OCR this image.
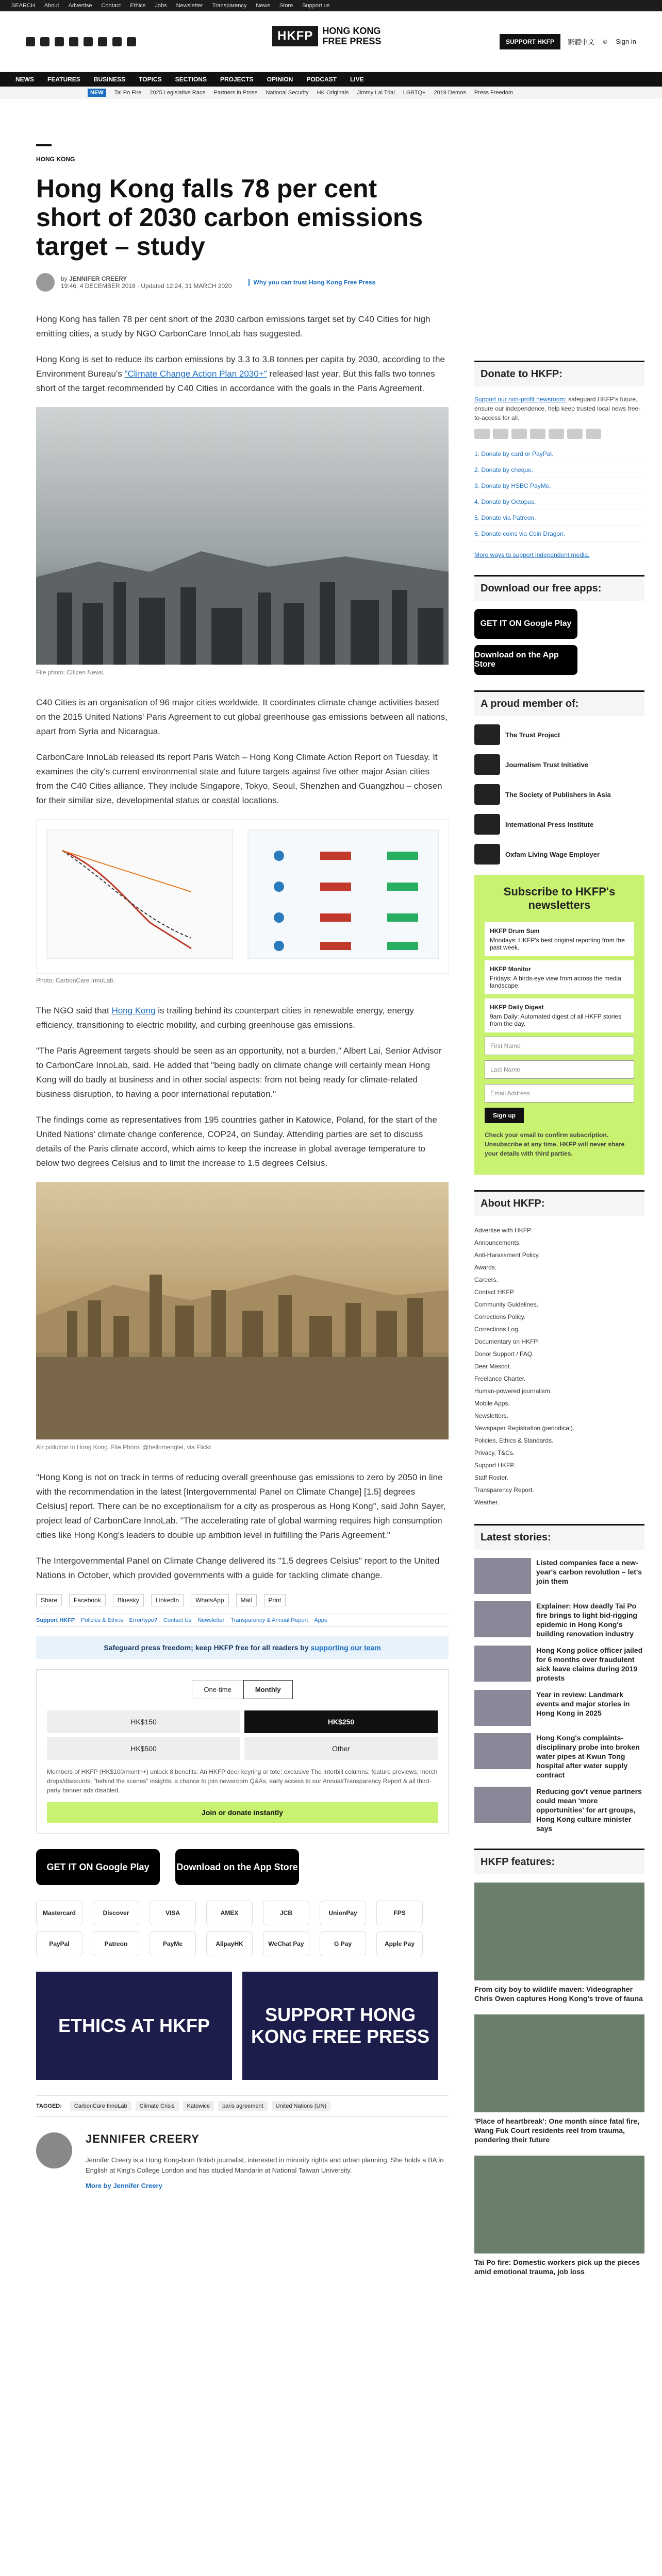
SEARCH About Advertise Contact Ethics Jobs Newsletter Transparency News Store Support us
HKFP	HONG KONG
FREE PRESS	SUPPORT HKFP	繁體中文 ☺ Sign in
NEWS FEATURES BUSINESS TOPICS SECTIONS PROJECTS OPINION PODCAST LIVE
NEW	Tai Po Fire 2025 Legislative Race Partners in Prose National Security HK Originals Jimmy Lai Trial LGBTQ+ 2019 Demos Press Freedom
HONG KONG
Hong Kong falls 78 per cent short of 2030 carbon emissions target – study
by JENNIFER CREERY
19:46, 4 DECEMBER 2018 · Updated 12:24, 31 MARCH 2020	Why you can trust Hong Kong Free Press

Hong Kong has fallen 78 per cent short of the 2030 carbon emissions target set by C40 Cities for high emitting cities, a study by NGO CarbonCare InnoLab has suggested.

Hong Kong is set to reduce its carbon emissions by 3.3 to 3.8 tonnes per capita by 2030, according to the Environment Bureau's "Climate Change Action Plan 2030+" released last year. But this falls two tonnes short of the target recommended by C40 Cities in accordance with the goals in the Paris Agreement.

File photo: Citizen News.

C40 Cities is an organisation of 96 major cities worldwide. It coordinates climate change activities based on the 2015 United Nations' Paris Agreement to cut global greenhouse gas emissions between all nations, apart from Syria and Nicaragua.

CarbonCare InnoLab released its report Paris Watch – Hong Kong Climate Action Report on Tuesday. It examines the city's current environmental state and future targets against five other major Asian cities from the C40 Cities alliance. They include Singapore, Tokyo, Seoul, Shenzhen and Guangzhou – chosen for their similar size, developmental status or coastal locations.

Photo: CarbonCare InnoLab.

The NGO said that Hong Kong is trailing behind its counterpart cities in renewable energy, energy efficiency, transitioning to electric mobility, and curbing greenhouse gas emissions.

"The Paris Agreement targets should be seen as an opportunity, not a burden," Albert Lai, Senior Advisor to CarbonCare InnoLab, said. He added that "being badly on climate change will certainly mean Hong Kong will do badly at business and in other social aspects: from not being ready for climate-related business disruption, to having a poor international reputation."

The findings come as representatives from 195 countries gather in Katowice, Poland, for the start of the United Nations' climate change conference, COP24, on Sunday. Attending parties are set to discuss details of the Paris climate accord, which aims to keep the increase in global average temperature to below two degrees Celsius and to limit the increase to 1.5 degrees Celsius.

Air pollution in Hong Kong. File Photo: @hellomenglei, via Flickr.

"Hong Kong is not on track in terms of reducing overall greenhouse gas emissions to zero by 2050 in line with the recommendation in the latest [Intergovernmental Panel on Climate Change] [1.5] degrees Celsius] report. There can be no exceptionalism for a city as prosperous as Hong Kong", said John Sayer, project lead of CarbonCare InnoLab. "The accelerating rate of global warming requires high consumption cities like Hong Kong's leaders to double up ambition level in fulfilling the Paris Agreement."

The Intergovernmental Panel on Climate Change delivered its "1.5 degrees Celsius" report to the United Nations in October, which provided governments with a guide for tackling climate change.

Share	Facebook	Bluesky	LinkedIn	WhatsApp	Mail	Print
Support HKFP Policies & Ethics Error/typo? Contact Us Newsletter Transparency & Annual Report Apps
Safeguard press freedom; keep HKFP free for all readers by supporting our team
One-time	Monthly
HK$150	HK$250
HK$500	Other
Members of HKFP (HK$100/month+) unlock 8 benefits: An HKFP deer keyring or tote; exclusive The Interbill columns; feature previews; merch drops/discounts; "behind the scenes" insights; a chance to join newsroom Q&As, early access to our Annual/Transparency Report & all third-party banner ads disabled.
Join or donate instantly
GET IT ON Google Play	Download on the App Store
Mastercard	Discover	VISA	AMEX	JCB	UnionPay	FPS
PayPal	Patreon	PayMe	AlipayHK	WeChat Pay	G Pay	Apple Pay
ETHICS AT HKFP
SUPPORT HONG KONG FREE PRESS
TAGGED:	CarbonCare InnoLab	Climate Crisis	Katowice	paris agreement	United Nations (UN)
JENNIFER CREERY

Jennifer Creery is a Hong Kong-born British journalist, interested in minority rights and urban planning. She holds a BA in English at King's College London and has studied Mandarin at National Taiwan University.

More by Jennifer Creery
Donate to HKFP:
Support our non-profit newsroom: safeguard HKFP's future, ensure our independence, help keep trusted local news free-to-access for all.
1. Donate by card or PayPal.
2. Donate by cheque.
3. Donate by HSBC PayMe.
4. Donate by Octopus.
5. Donate via Patreon.
6. Donate coins via Coin Dragon.
More ways to support independent media.
Download our free apps:
GET IT ON Google Play
Download on the App Store
A proud member of:
The Trust Project
Journalism Trust Initiative
The Society of Publishers in Asia
International Press Institute
Oxfam Living Wage Employer
Subscribe to HKFP's newsletters
HKFP Drum Sum
Mondays: HKFP's best original reporting from the past week.
HKFP Monitor
Fridays: A birds-eye view from across the media landscape.
HKFP Daily Digest
9am Daily: Automated digest of all HKFP stories from the day.
First Name
Last Name
Email Address
Sign up
Check your email to confirm subscription. Unsubscribe at any time. HKFP will never share your details with third parties.
About HKFP:
Advertise with HKFP.
Announcements.
Anti-Harassment Policy.
Awards.
Careers.
Contact HKFP.
Community Guidelines.
Corrections Policy.
Corrections Log.
Documentary on HKFP.
Donor Support / FAQ.
Deer Mascot.
Freelance Charter.
Human-powered journalism.
Mobile Apps.
Newsletters.
Newspaper Registration (periodical).
Policies, Ethics & Standards.
Privacy, T&Cs.
Support HKFP.
Staff Roster.
Transparency Report.
Weather.
Latest stories:
Listed companies face a new-year's carbon revolution – let's join them
Explainer: How deadly Tai Po fire brings to light bid-rigging epidemic in Hong Kong's building renovation industry
Hong Kong police officer jailed for 6 months over fraudulent sick leave claims during 2019 protests
Year in review: Landmark events and major stories in Hong Kong in 2025
Hong Kong's complaints-disciplinary probe into broken water pipes at Kwun Tong hospital after water supply contract
Reducing gov't venue partners could mean 'more opportunities' for art groups, Hong Kong culture minister says
HKFP features:
From city boy to wildlife maven: Videographer Chris Owen captures Hong Kong's trove of fauna
'Place of heartbreak': One month since fatal fire, Wang Fuk Court residents reel from trauma, pondering their future
Tai Po fire: Domestic workers pick up the pieces amid emotional trauma, job loss
